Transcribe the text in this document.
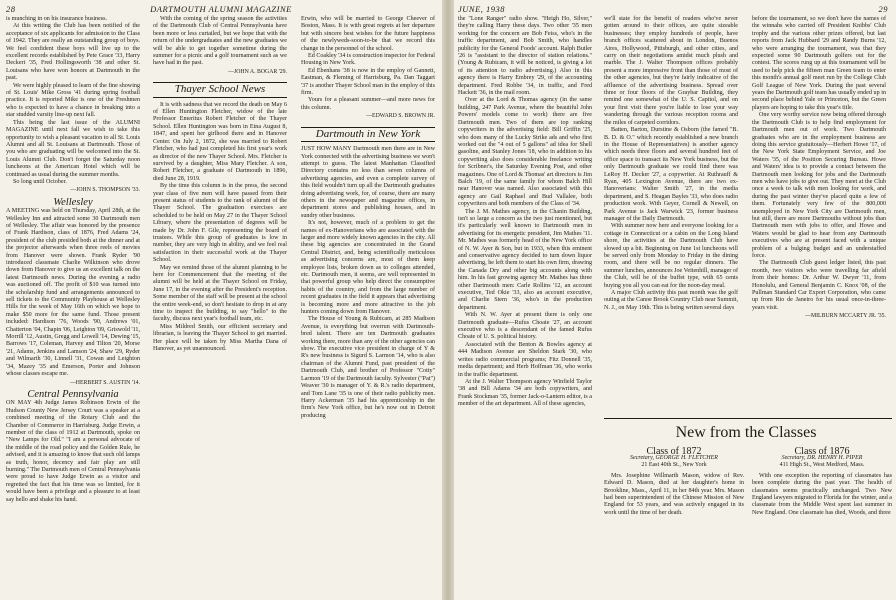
28	DARTMOUTH ALUMNI MAGAZINE

is munching in on his insurance business.

At this writing the Club has been notified of the acceptance of six applicants for admission to the Class of 1942. They are really an outstanding group of boys. We feel confident these boys will live up to the excellent records established by Pete Grace '33, Harry Deckert '35, Fred Hollingsworth '38 and other St. Louisans who have won honors at Dartmouth in the past.

We were highly pleased to learn of the fine showing of St. Louis' Mike Gross '41 during spring football practice. It is reported Mike is one of the Freshmen who is expected to have a chance in breaking into a star studded varsity line-up next fall.

This being the last issue of the ALUMNI MAGAZINE until next fall we wish to take this opportunity to wish a pleasant vacation to all St. Louis Alumni and all St. Louisans at Dartmouth. Those of you who are graduating will be welcomed into the St. Louis Alumni Club. Don't forget the Saturday noon luncheons at the American Hotel which will be continued as usual during the summer months.

So long until October.

—JOHN S. THOMPSON '33.
Wellesley

A MEETING was held on Thursday, April 28th, at the Wellesley Inn and attracted some 30 Dartmouth men of Wellesley. The affair was honored by the presence of Frank Hardison, class of 1876, Fred Adams '24, president of the club presided both at the dinner and at the projector afterwards when three reels of movies from Hanover were shown. Frank Ryder '90 introduced classmate Charlie Wilkinson who drove down from Hanover to give us an excellent talk on the latest Dartmouth news. During the evening a radio was auctioned off. The profit of $10 was turned into the scholarship fund and arrangements announced to sell tickets to the Community Playhouse at Wellesley Hills for the week of May 16th on which we hope to make $50 more for the same fund. Those present included: Hardison '76, Woods '90, Andrews '01, Chatterton '04, Chapin '06, Leighton '09, Griswold '11, Morrill '12, Austin, Gregg and Lowell '14, Dewing '15, Barrows '17, Coleman, Harvey and Tilton '20, Morse '21, Adams, Jenkins and Lamson '24, Shaw '29, Ryder and Wilmarth '30, Linnell '31, Cowan and Leighton '34, Mazey '35 and Emerson, Porter and Johnson whose classes escape me.

—HERBERT S. AUSTIN '14.
Central Pennsylvania

ON MAY 4th Judge James Robinson Erwin of the Hudson County New Jersey Court was a speaker at a combined meeting of the Rotary Club and the Chamber of Commerce in Harrisburg. Judge Erwin, a member of the class of 1912 at Dartmouth, spoke on "New Lamps for Old." "I am a personal advocate of the middle of the road policy and the Golden Rule, he advised, and it is amazing to know that such old lamps as truth, honor, decency and fair play are still burning." The Dartmouth men of Central Pennsylvania were proud to have Judge Erwin as a visitor and regretted the fact that his time was so limited, for it would have been a privilege and a pleasure to at least say hello and shake his hand.

With the coming of the spring season the activities of the Dartmouth Club of Central Pennsylvania have been more or less curtailed, but we hope that with the return of the undergraduates and the new graduates we will be able to get together sometime during the summer for a picnic and a golf tournament such as we have had in the past.

—JOHN A. BOGAR '29.
Thayer School News

It is with sadness that we record the death on May 6 of Ellen Huntington Fletcher, widow of the late Professor Emeritus Robert Fletcher of the Thayer School. Ellen Huntington was born in Etna August 8, 1847, and spent her girlhood there and in Hanover Center. On July 2, 1872, she was married to Robert Fletcher, who had just completed his first year's work as director of the new Thayer School. Mrs. Fletcher is survived by a daughter, Miss Mary Fletcher. A son, Robert Fletcher, a graduate of Dartmouth in 1896, died June 28, 1919.

By the time this column is in the press, the second year class of five men will have passed from their present status of students to the rank of alumni of the Thayer School. The graduation exercises are scheduled to be held on May 27 in the Thayer School Library, where the presentation of degrees will be made by Dr. John F. Gile, representing the board of trustees. While this group of graduates is low in number, they are very high in ability, and we feel real satisfaction in their successful work at the Thayer School.

May we remind those of the alumni planning to be here for Commencement that the meeting of the alumni will be held at the Thayer School on Friday, June 17, in the evening after the President's reception. Some member of the staff will be present at the school the entire week-end, so don't hesitate to drop in at any time to inspect the building, to say "hello" to the faculty, discuss next year's football team, etc.

Miss Mildred Smith, our efficient secretary and librarian, is leaving the Thayer School to get married. Her place will be taken by Miss Martha Dana of Hanover, as yet unannounced.

Erwin, who will be married to George Cheever of Boston, Mass. It is with great regrets at her departure but with sincere best wishes for the future happiness of the newlyweds-soon-to-be that we record this change in the personnel of the school.

Ed Coakley '34 is construction inspector for Federal Housing in New York.

Ed Ebenhans '38 is now in the employ of Gannett, Eastman, & Fleming of Harrisburg, Pa. Dan Taggart '37 is another Thayer School man in the employ of this firm.

Yours for a pleasant summer—and more news for this column.

—EDWARD S. BROWN JR.
Dartmouth in New York

JUST HOW MANY Dartmouth men there are in New York connected with the advertising business we won't attempt to guess. The latest Manhattan Classified Directory contains no less than seven columns of advertising agencies, and even a complete survey of this field wouldn't turn up all the Dartmouth graduates doing advertising work, for, of course, there are many others in the newspaper and magazine offices, in department stores and publishing houses, and in sundry other business.

It's not, however, much of a problem to get the names of ex-Hanoverians who are associated with the larger and more widely known agencies in the city. All these big agencies are concentrated in the Grand Central District, and, being scientifically meticulous as advertising concerns are, most of them keep employee lists, broken down as to colleges attended, etc. Dartmouth men, it seems, are well represented in that powerful group who help direct the consumptive habits of the country, and from the large number of recent graduates in the field it appears that advertising is becoming more and more attractive to the job hunters coming down from Hanover.

The House of Young & Rubicam, at 285 Madison Avenue, is everything but overrun with Dartmouth-bred talent. There are ten Dartmouth graduates working there, more than any of the other agencies can show. The executive vice president in charge of Y & R's new business is Sigurd S. Larmon '14, who is also chairman of the Alumni Fund, past president of the Dartmouth Club, and brother of Professor "Cotty" Larmon '19 of the Dartmouth faculty. Sylvester ("Pat") Weaver '30 is manager of Y. & R.'s radio department, and Tom Lane '35 is one of their radio publicity men. Harry Ackerman '35 had his apprenticeship in the firm's New York office, but he's now out in Detroit producing

JUNE, 1938	29

the "Lone Ranger" radio show. "Heigh Ho, Silver," they're calling Harry these days. Two other '35 men working for the concern are Bob Feiss, who's in the traffic department, and Bob Smith, who handles publicity for the General Foods' account. Ralph Butler '26 is "assistant to the director of station relations." (Young & Rubicam, it will be noticed, is giving a lot of its attention to radio advertising.) Also in this agency there is Harry Embrey '29, of the accounting department. Fred Robbe '34, in traffic, and Fred Hackett '36, in the mail room.

Over at the Lord & Thomas agency (in the same building, 247 Park Avenue, where the beautiful John Powers' models come to work) there are five Dartmouth men. Two of them are top ranking copywriters in the advertising field: Bill Griffin '25, who does many of the Lucky Strike ads and who first worked out the "4 out of 5 gallons" ad idea for Shell gasoline, and Stanley Jones '18, who in addition to his copywriting also does considerable freelance writing for Scribner's, the Saturday Evening Post, and other magazines. One of Lord & Thomas' art directors is Jim Balch '19, of the same family for whom Balch Hill near Hanover was named. Also associated with this agency are Gail Raphael and Bud Vallalee, both copywriters and both members of the Class of '34.

The J. M. Mathes agency, in the Chanin Building, isn't so large a concern as the two just mentioned, but it's particularly well known to Dartmouth men in advertising for its energetic president, Jim Mathes '11. Mr. Mathes was formerly head of the New York office of N. W. Ayer & Son, but in 1933, when this eminent and conservative agency decided to turn down liquor advertising, he left them to start his own firm, drawing the Canada Dry and other big accounts along with him. In his fast growing agency Mr. Mathes has three other Dartmouth men: Carle Rollins '12, an account executive, Ted Okie '33, also an account executive, and Charlie Stern '36, who's in the production department.

With N. W. Ayer at present there is only one Dartmouth graduate—Rufus Choate '27, an account executive who is a descendant of the famed Rufus Choate of U. S. political history.

Associated with the Benton & Bowles agency at 444 Madison Avenue are Sheldon Stark '30, who writes radio commercial programs; Fitz Donnell '35, media department; and Herb Hoffman '36, who works in the traffic department.

At the J. Walter Thompson agency Winfield Taylor '38 and Bill Adams '34 are both copywriters, and Frank Stockman '35, former Jack-o-Lantern editor, is a member of the art department. All of these agencies,

we'll state for the benefit of readers who've never gotten around to their offices, are quite sizeable businesses; they employ hundreds of people, have branch offices scattered about in London, Buenos Aires, Hollywood, Pittsburgh, and other cities, and carry on their negotiations amidst much plush and marble. The J. Walter Thompson offices probably present a more impressive front than those of most of the other agencies, but they're fairly indicative of the affluence of the advertising business. Spread over three or four floors of the Graybar Building, they remind one somewhat of the U. S. Capitol, and on your first visit there you're liable to lose your way wandering through the various reception rooms and the miles of carpeted corridors.

Batten, Barton, Durstine & Osborn (the famed "B. B. D. & O." which recently established a new branch in the House of Representatives) is another agency which needs three floors and several hundred feet of office space to transact its New York business, but the only Dartmouth graduate we could find there was LeRoy H. Decker '27, a copywriter. At Ruthrauff & Ryan, 405 Lexington Avenue, there are two ex-Hanoverians: Walter Smith '27, in the media department, and S. Heagan Bayles '33, who does radio production work. With Geyer, Cornell & Newell, on Park Avenue is Jack Warwick '23, former business manager of the Daily Dartmouth.

With summer now here and everyone looking for a cottage in Connecticut or a cabin on the Long Island shore, the activities at the Dartmouth Club have slowed up a bit. Beginning on June 1st luncheons will be served only from Monday to Friday in the dining room, and there will be no regular dinners. The summer lunches, announces Joe Veitenhill, manager of the Club, will be of the buffet type, with 65 cents buying you all you can eat for the noon-day meal.

A major Club activity this past month was the golf outing at the Canoe Brook Country Club near Summit, N. J., on May 19th. This is being written several days

before the tournament, so we don't have the names of the winnahs who carried off President Knibbs' Club trophy and the various other prizes offered, but last reports from Jack Hubbard '29 and Randy Burns '12, who were arranging the tournament, was that they expected some 90 Dartmouth golfers out for the contest. The scores rung up at this tournament will be used to help pick the fifteen man Green team to enter this month's annual golf meet run by the College Club Golf League of New York. During the past several years the Dartmouth golf team has usually ended up in second place behind Yale or Princeton, but the Green players are hoping to take this year's title.

One very worthy service now being offered through the Dartmouth Club is to help find employment for Dartmouth men out of work. Two Dartmouth graduates who are in the employment business are doing this service gratuitously—Herbert Howe '17, of the New York State Employment Service, and Joe Waters '35, of the Position Securing Bureau. Howe and Waters' idea is to provide a contact between the Dartmouth men looking for jobs and the Dartmouth men who have jobs to give out. They meet at the Club once a week to talk with men looking for work, and during the past winter they've placed quite a few of them. Fortunately very few of the 800,000 unemployed in New York City are Dartmouth men, but still, there are more Dartmouths without jobs than Dartmouth men with jobs to offer, and Howe and Waters would be glad to hear from any Dartmouth executives who are at present faced with a unique problem of a bulging budget and an understaffed force.

The Dartmouth Club guest ledger listed, this past month, two visitors who were travelling far afield from their homes: Dr. Arthur W. Dwyer '11, from Honolulu, and General Benjamin C. Knox '08, of the Pullman Standard Car Export Corporation, who came up from Rio de Janeiro for his usual once-in-three-years visit.

—MILBURN MCCARTY JR. '35.
New from the Classes
Class of 1872
Secretary, GEORGE H. FLETCHER
21 East 40th St., New York

Mrs. Josephine Willmarth Mason, widow of Rev. Edward D. Mason, died at her daughter's home in Brookline, Mass., April 11, in her 84th year. Mrs. Mason had been superintendent of the Chinese Mission of New England for 53 years, and was actively engaged in its work until the time of her death.

Class of 1876
Secretary, DR. HENRY H. PIPER
411 High St., West Medford, Mass.

With one exception the reporting of classmates has been complete during the past year. The health of classmates seems practically unchanged. Two New England lawyers migrated to Florida for the winter, and a classmate from the Middle West spent last summer in New England. One classmate has died, Woods, and three
